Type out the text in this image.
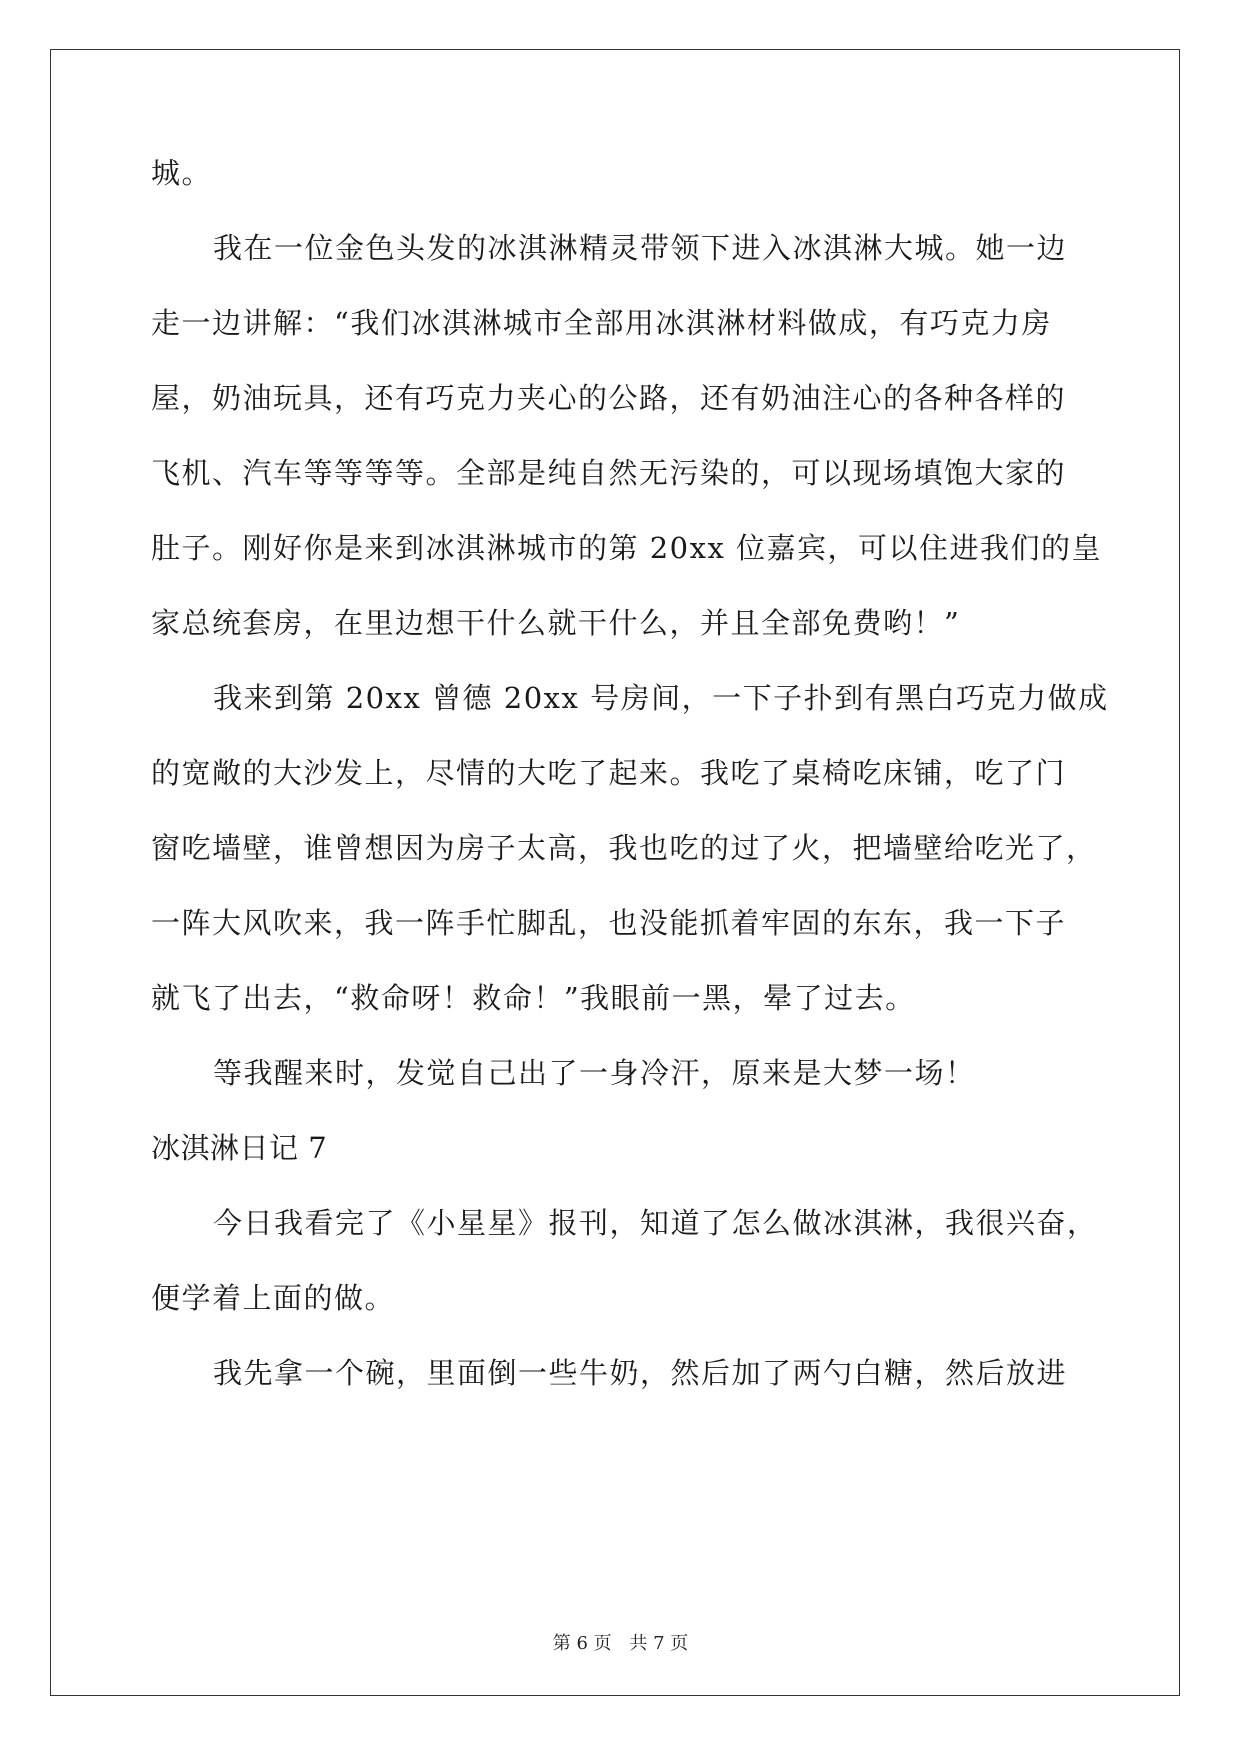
城。

我在一位金色头发的冰淇淋精灵带领下进入冰淇淋大城。她一边

走一边讲解：“我们冰淇淋城市全部用冰淇淋材料做成，有巧克力房

屋，奶油玩具，还有巧克力夹心的公路，还有奶油注心的各种各样的

飞机、汽车等等等等。全部是纯自然无污染的，可以现场填饱大家的

肚子。刚好你是来到冰淇淋城市的第 20xx 位嘉宾，可以住进我们的皇

家总统套房，在里边想干什么就干什么，并且全部免费哟！”

我来到第 20xx 曾德 20xx 号房间，一下子扑到有黑白巧克力做成

的宽敞的大沙发上，尽情的大吃了起来。我吃了桌椅吃床铺，吃了门

窗吃墙壁，谁曾想因为房子太高，我也吃的过了火，把墙壁给吃光了，

一阵大风吹来，我一阵手忙脚乱，也没能抓着牢固的东东，我一下子

就飞了出去，“救命呀！救命！”我眼前一黑，晕了过去。

等我醒来时，发觉自己出了一身冷汗，原来是大梦一场！

冰淇淋日记 7

今日我看完了《小星星》报刊，知道了怎么做冰淇淋，我很兴奋，

便学着上面的做。

我先拿一个碗，里面倒一些牛奶，然后加了两勺白糖，然后放进

第 6 页 共 7 页
